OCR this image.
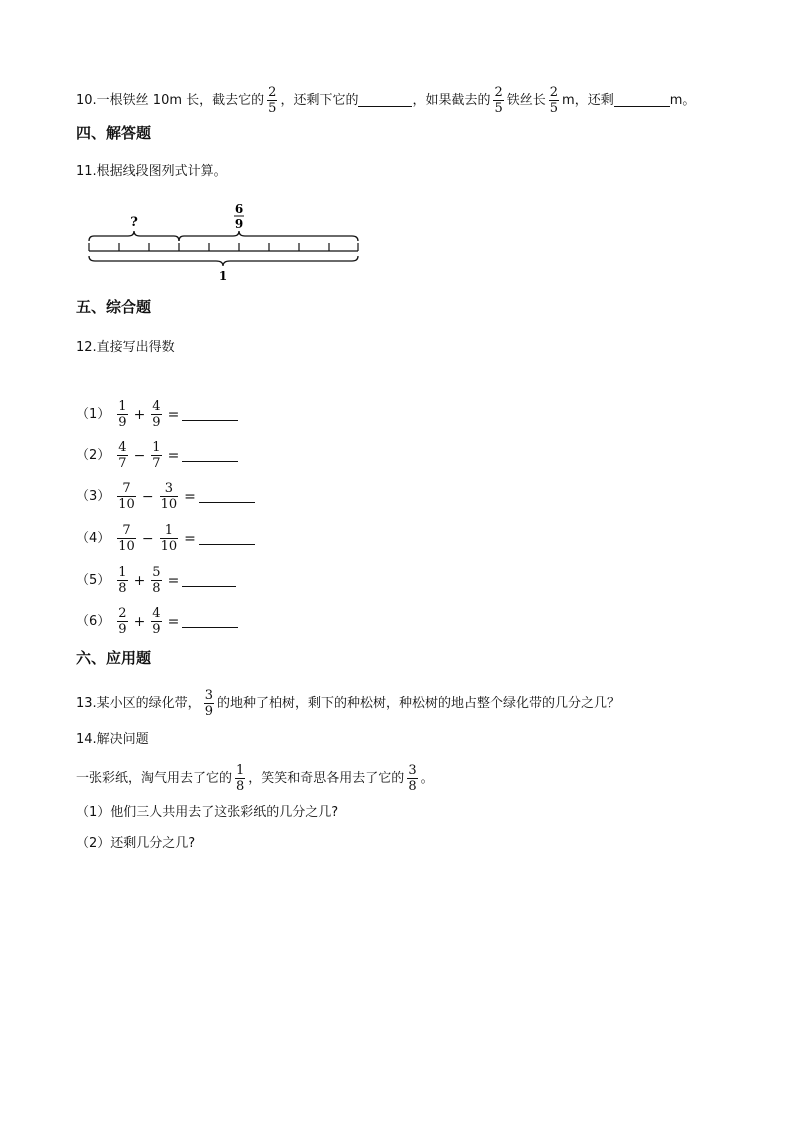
10.一根铁丝 10m 长，截去它的 $\frac{2}{5}$ ，还剩下它的	，如果截去的 $\frac{2}{5}$ 铁丝长 $\frac{2}{5}$ m，还剩	m。
四、解答题
11.根据线段图列式计算。
?
6
9
1
五、综合题
12.直接写出得数
$(1) \frac{1}{9} + \frac{4}{9}$ =
$(2) \frac{4}{7} - \frac{1}{7}$ =
$(3) \frac{7}{10} - \frac{3}{10}$ =
$(4) \frac{7}{10} - \frac{1}{10}$ =
$(5) \frac{1}{8} + \frac{5}{8}$ =
$(6) \frac{2}{9} + \frac{4}{9}$ =
六、应用题
13.某小区的绿化带， $\frac{3}{9}$ 的地种了柏树，剩下的种松树，种松树的地占整个绿化带的几分之几？
14.解决问题
一张彩纸，淘气用去了它的 $\frac{1}{8}$ ，笑笑和奇思各用去了它的 $\frac{3}{8}$ 。
（1）他们三人共用去了这张彩纸的几分之几?
（2）还剩几分之几?
